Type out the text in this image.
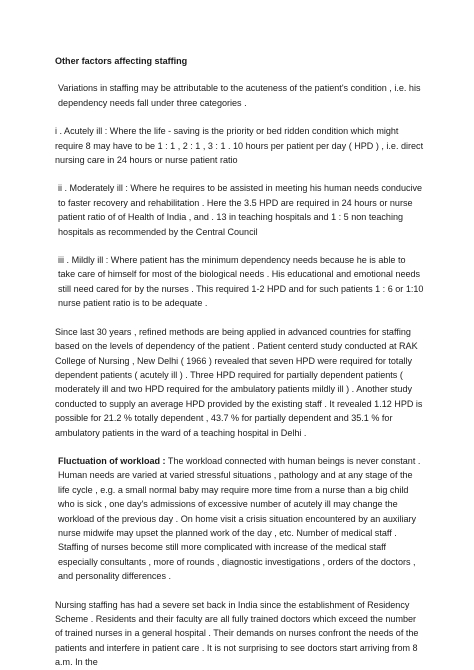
Other factors affecting staffing

Variations in staffing may be attributable to the acuteness of the patient's condition , i.e. his dependency needs fall under three categories .

i . Acutely ill : Where the life - saving is the priority or bed ridden condition which might require 8 may have to be 1 : 1 , 2 : 1 , 3 : 1 . 10 hours per patient per day ( HPD ) , i.e. direct nursing care in 24 hours or nurse patient ratio

ii . Moderately ill : Where he requires to be assisted in meeting his human needs conducive to faster recovery and rehabilitation . Here the 3.5 HPD are required in 24 hours or nurse patient ratio of of Health of India , and . 13 in teaching hospitals and 1 : 5 non teaching hospitals as recommended by the Central Council

iii . Mildly ill : Where patient has the minimum dependency needs because he is able to take care of himself for most of the biological needs . His educational and emotional needs still need cared for by the nurses . This required 1-2 HPD and for such patients 1 : 6 or 1:10 nurse patient ratio is to be adequate .

Since last 30 years , refined methods are being applied in advanced countries for staffing based on the levels of dependency of the patient . Patient centerd study conducted at RAK College of Nursing , New Delhi ( 1966 ) revealed that seven HPD were required for totally dependent patients ( acutely ill ) . Three HPD required for partially dependent patients ( moderately ill and two HPD required for the ambulatory patients mildly ill ) . Another study conducted to supply an average HPD provided by the existing staff . It revealed 1.12 HPD is possible for 21.2 % totally dependent , 43.7 % for partially dependent and 35.1 % for ambulatory patients in the ward of a teaching hospital in Delhi .

Fluctuation of workload : The workload connected with human beings is never constant . Human needs are varied at varied stressful situations , pathology and at any stage of the life cycle , e.g. a small normal baby may require more time from a nurse than a big child who is sick , one day's admissions of excessive number of acutely ill may change the workload of the previous day . On home visit a crisis situation encountered by an auxiliary nurse midwife may upset the planned work of the day , etc. Number of medical staff . Staffing of nurses become still more complicated with increase of the medical staff especially consultants , more of rounds , diagnostic investigations , orders of the doctors , and personality differences .

Nursing staffing has had a severe set back in India since the establishment of Residency Scheme . Residents and their faculty are all fully trained doctors which exceed the number of trained nurses in a general hospital . Their demands on nurses confront the needs of the patients and interfere in patient care . It is not surprising to see doctors start arriving from 8 a.m. In the
